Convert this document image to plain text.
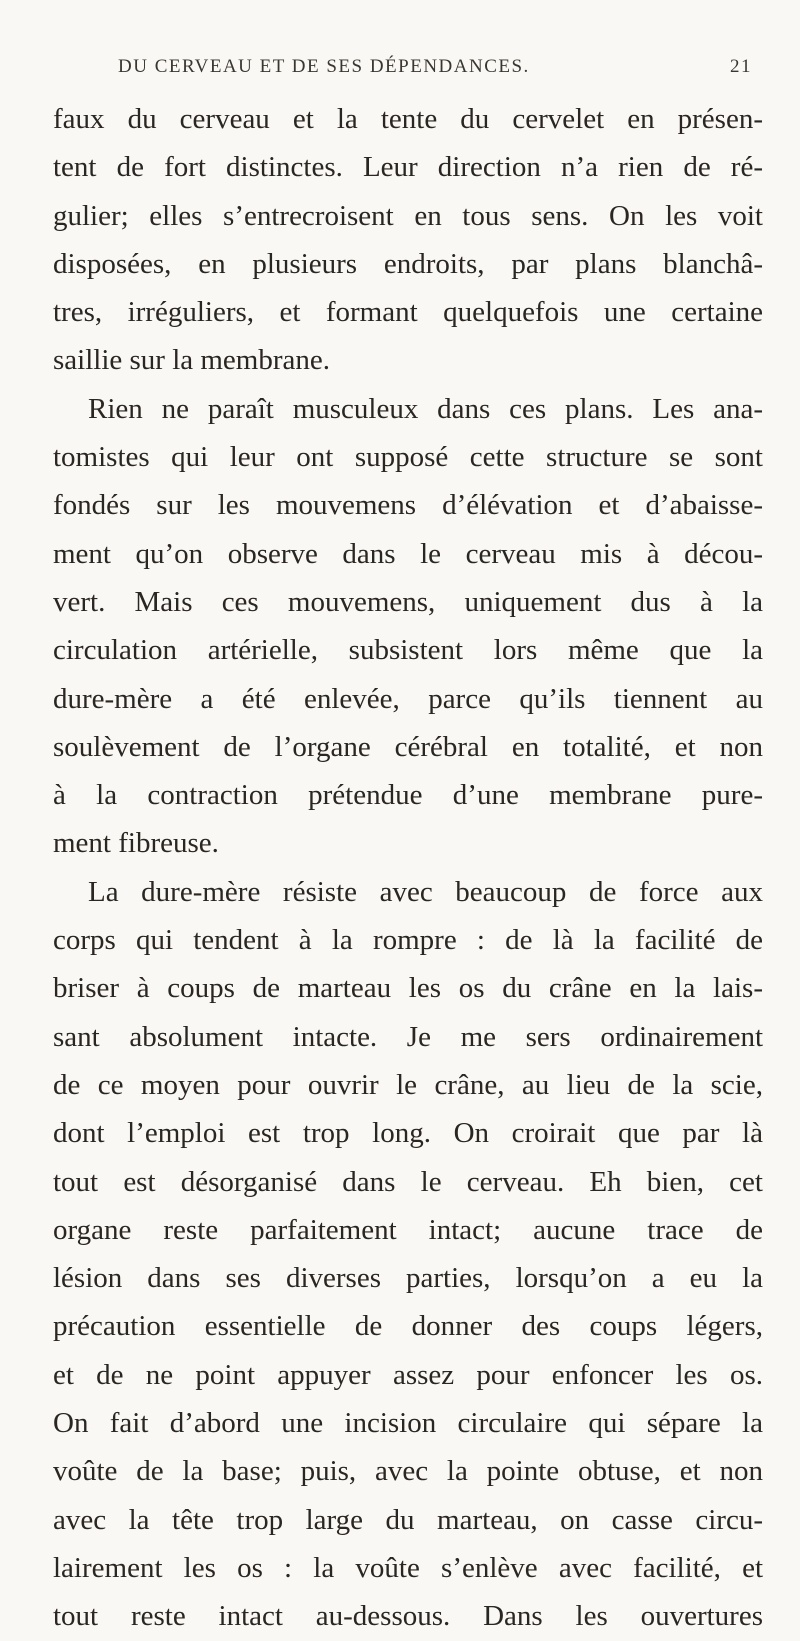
DU CERVEAU ET DE SES DÉPENDANCES.	21
faux du cerveau et la tente du cervelet en présen-
tent de fort distinctes. Leur direction n’a rien de ré-
gulier; elles s’entrecroisent en tous sens. On les voit
disposées, en plusieurs endroits, par plans blanchâ-
tres, irréguliers, et formant quelquefois une certaine
saillie sur la membrane.
Rien ne paraît musculeux dans ces plans. Les ana-
tomistes qui leur ont supposé cette structure se sont
fondés sur les mouvemens d’élévation et d’abaisse-
ment qu’on observe dans le cerveau mis à décou-
vert. Mais ces mouvemens, uniquement dus à la
circulation artérielle, subsistent lors même que la
dure-mère a été enlevée, parce qu’ils tiennent au
soulèvement de l’organe cérébral en totalité, et non
à la contraction prétendue d’une membrane pure-
ment fibreuse.
La dure-mère résiste avec beaucoup de force aux
corps qui tendent à la rompre : de là la facilité de
briser à coups de marteau les os du crâne en la lais-
sant absolument intacte. Je me sers ordinairement
de ce moyen pour ouvrir le crâne, au lieu de la scie,
dont l’emploi est trop long. On croirait que par là
tout est désorganisé dans le cerveau. Eh bien, cet
organe reste parfaitement intact; aucune trace de
lésion dans ses diverses parties, lorsqu’on a eu la
précaution essentielle de donner des coups légers,
et de ne point appuyer assez pour enfoncer les os.
On fait d’abord une incision circulaire qui sépare la
voûte de la base; puis, avec la pointe obtuse, et non
avec la tête trop large du marteau, on casse circu-
lairement les os : la voûte s’enlève avec facilité, et
tout reste intact au-dessous. Dans les ouvertures
